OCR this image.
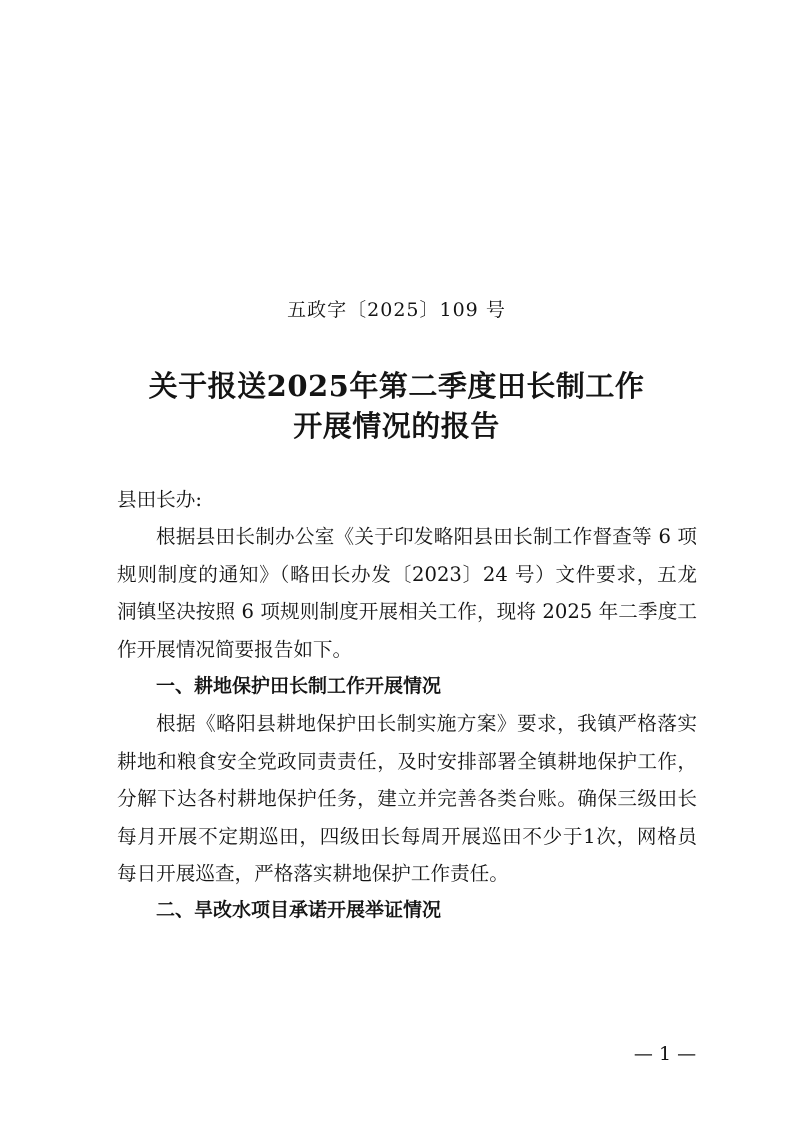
五政字〔2025〕109 号
关于报送2025年第二季度田长制工作
开展情况的报告

县田长办:

根据县田长制办公室《关于印发略阳县田长制工作督查等 6 项规则制度的通知》（略田长办发〔2023〕24 号）文件要求，五龙洞镇坚决按照 6 项规则制度开展相关工作，现将 2025 年二季度工作开展情况简要报告如下。

一、耕地保护田长制工作开展情况

根据《略阳县耕地保护田长制实施方案》要求，我镇严格落实耕地和粮食安全党政同责责任，及时安排部署全镇耕地保护工作，分解下达各村耕地保护任务，建立并完善各类台账。确保三级田长每月开展不定期巡田，四级田长每周开展巡田不少于1次，网格员每日开展巡查，严格落实耕地保护工作责任。

二、旱改水项目承诺开展举证情况

— 1 —
